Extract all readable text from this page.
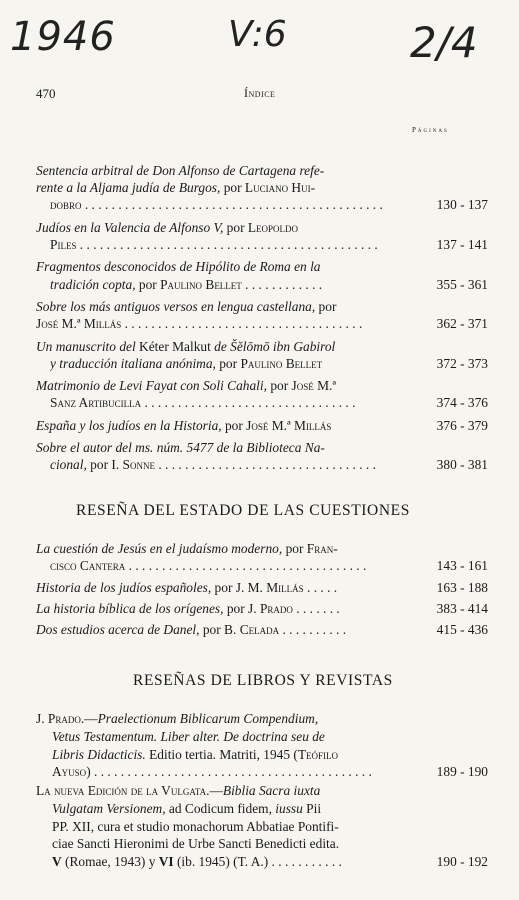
1946	V:6	2/4
470	Índice
Páginas
Sentencia arbitral de Don Alfonso de Cartagena refe-
rente a la Aljama judía de Burgos, por Luciano Hui-
dobro . . . . . . . . . . . . . . . . . . . . . . . . . . . . . . . . . . . . . . . . . . . . .	130 - 137
Judíos en la Valencia de Alfonso V, por Leopoldo
Piles . . . . . . . . . . . . . . . . . . . . . . . . . . . . . . . . . . . . . . . . . . . . .	137 - 141
Fragmentos desconocidos de Hipólito de Roma en la
tradición copta, por Paulino Bellet . . . . . . . . . . . .	355 - 361
Sobre los más antiguos versos en lengua castellana, por
José M.ª Millás . . . . . . . . . . . . . . . . . . . . . . . . . . . . . . . . . . . .	362 - 371
Un manuscrito del Kéter Malkut de Šĕlōmō ibn Gabirol
y traducción italiana anónima, por Paulino Bellet	372 - 373
Matrimonio de Levi Fayat con Soli Cahali, por José M.ª
Sanz Artibucilla . . . . . . . . . . . . . . . . . . . . . . . . . . . . . . . .	374 - 376
España y los judíos en la Historia, por José M.ª Millás	376 - 379
Sobre el autor del ms. núm. 5477 de la Biblioteca Na-
cional, por I. Sonne . . . . . . . . . . . . . . . . . . . . . . . . . . . . . . . . .	380 - 381
RESEÑA DEL ESTADO DE LAS CUESTIONES
La cuestión de Jesús en el judaísmo moderno, por Fran-
cisco Cantera . . . . . . . . . . . . . . . . . . . . . . . . . . . . . . . . . . . .	143 - 161
Historia de los judíos españoles, por J. M. Millás . . . . .	163 - 188
La historia bíblica de los orígenes, por J. Prado . . . . . . .	383 - 414
Dos estudios acerca de Danel, por B. Celada . . . . . . . . . .	415 - 436
RESEÑAS DE LIBROS Y REVISTAS
J. Prado.—Praelectionum Biblicarum Compendium,
Vetus Testamentum. Liber alter. De doctrina seu de
Libris Didacticis. Editio tertia. Matriti, 1945 (Teófilo
Ayuso) . . . . . . . . . . . . . . . . . . . . . . . . . . . . . . . . . . . . . . . . . .	189 - 190
La nueva Edición de la Vulgata.—Biblia Sacra iuxta
Vulgatam Versionem, ad Codicum fidem, iussu Pii
PP. XII, cura et studio monachorum Abbatiae Pontifi-
ciae Sancti Hieronimi de Urbe Sancti Benedicti edita.
V (Romae, 1943) y VI (ib. 1945) (T. A.) . . . . . . . . . . .	190 - 192
